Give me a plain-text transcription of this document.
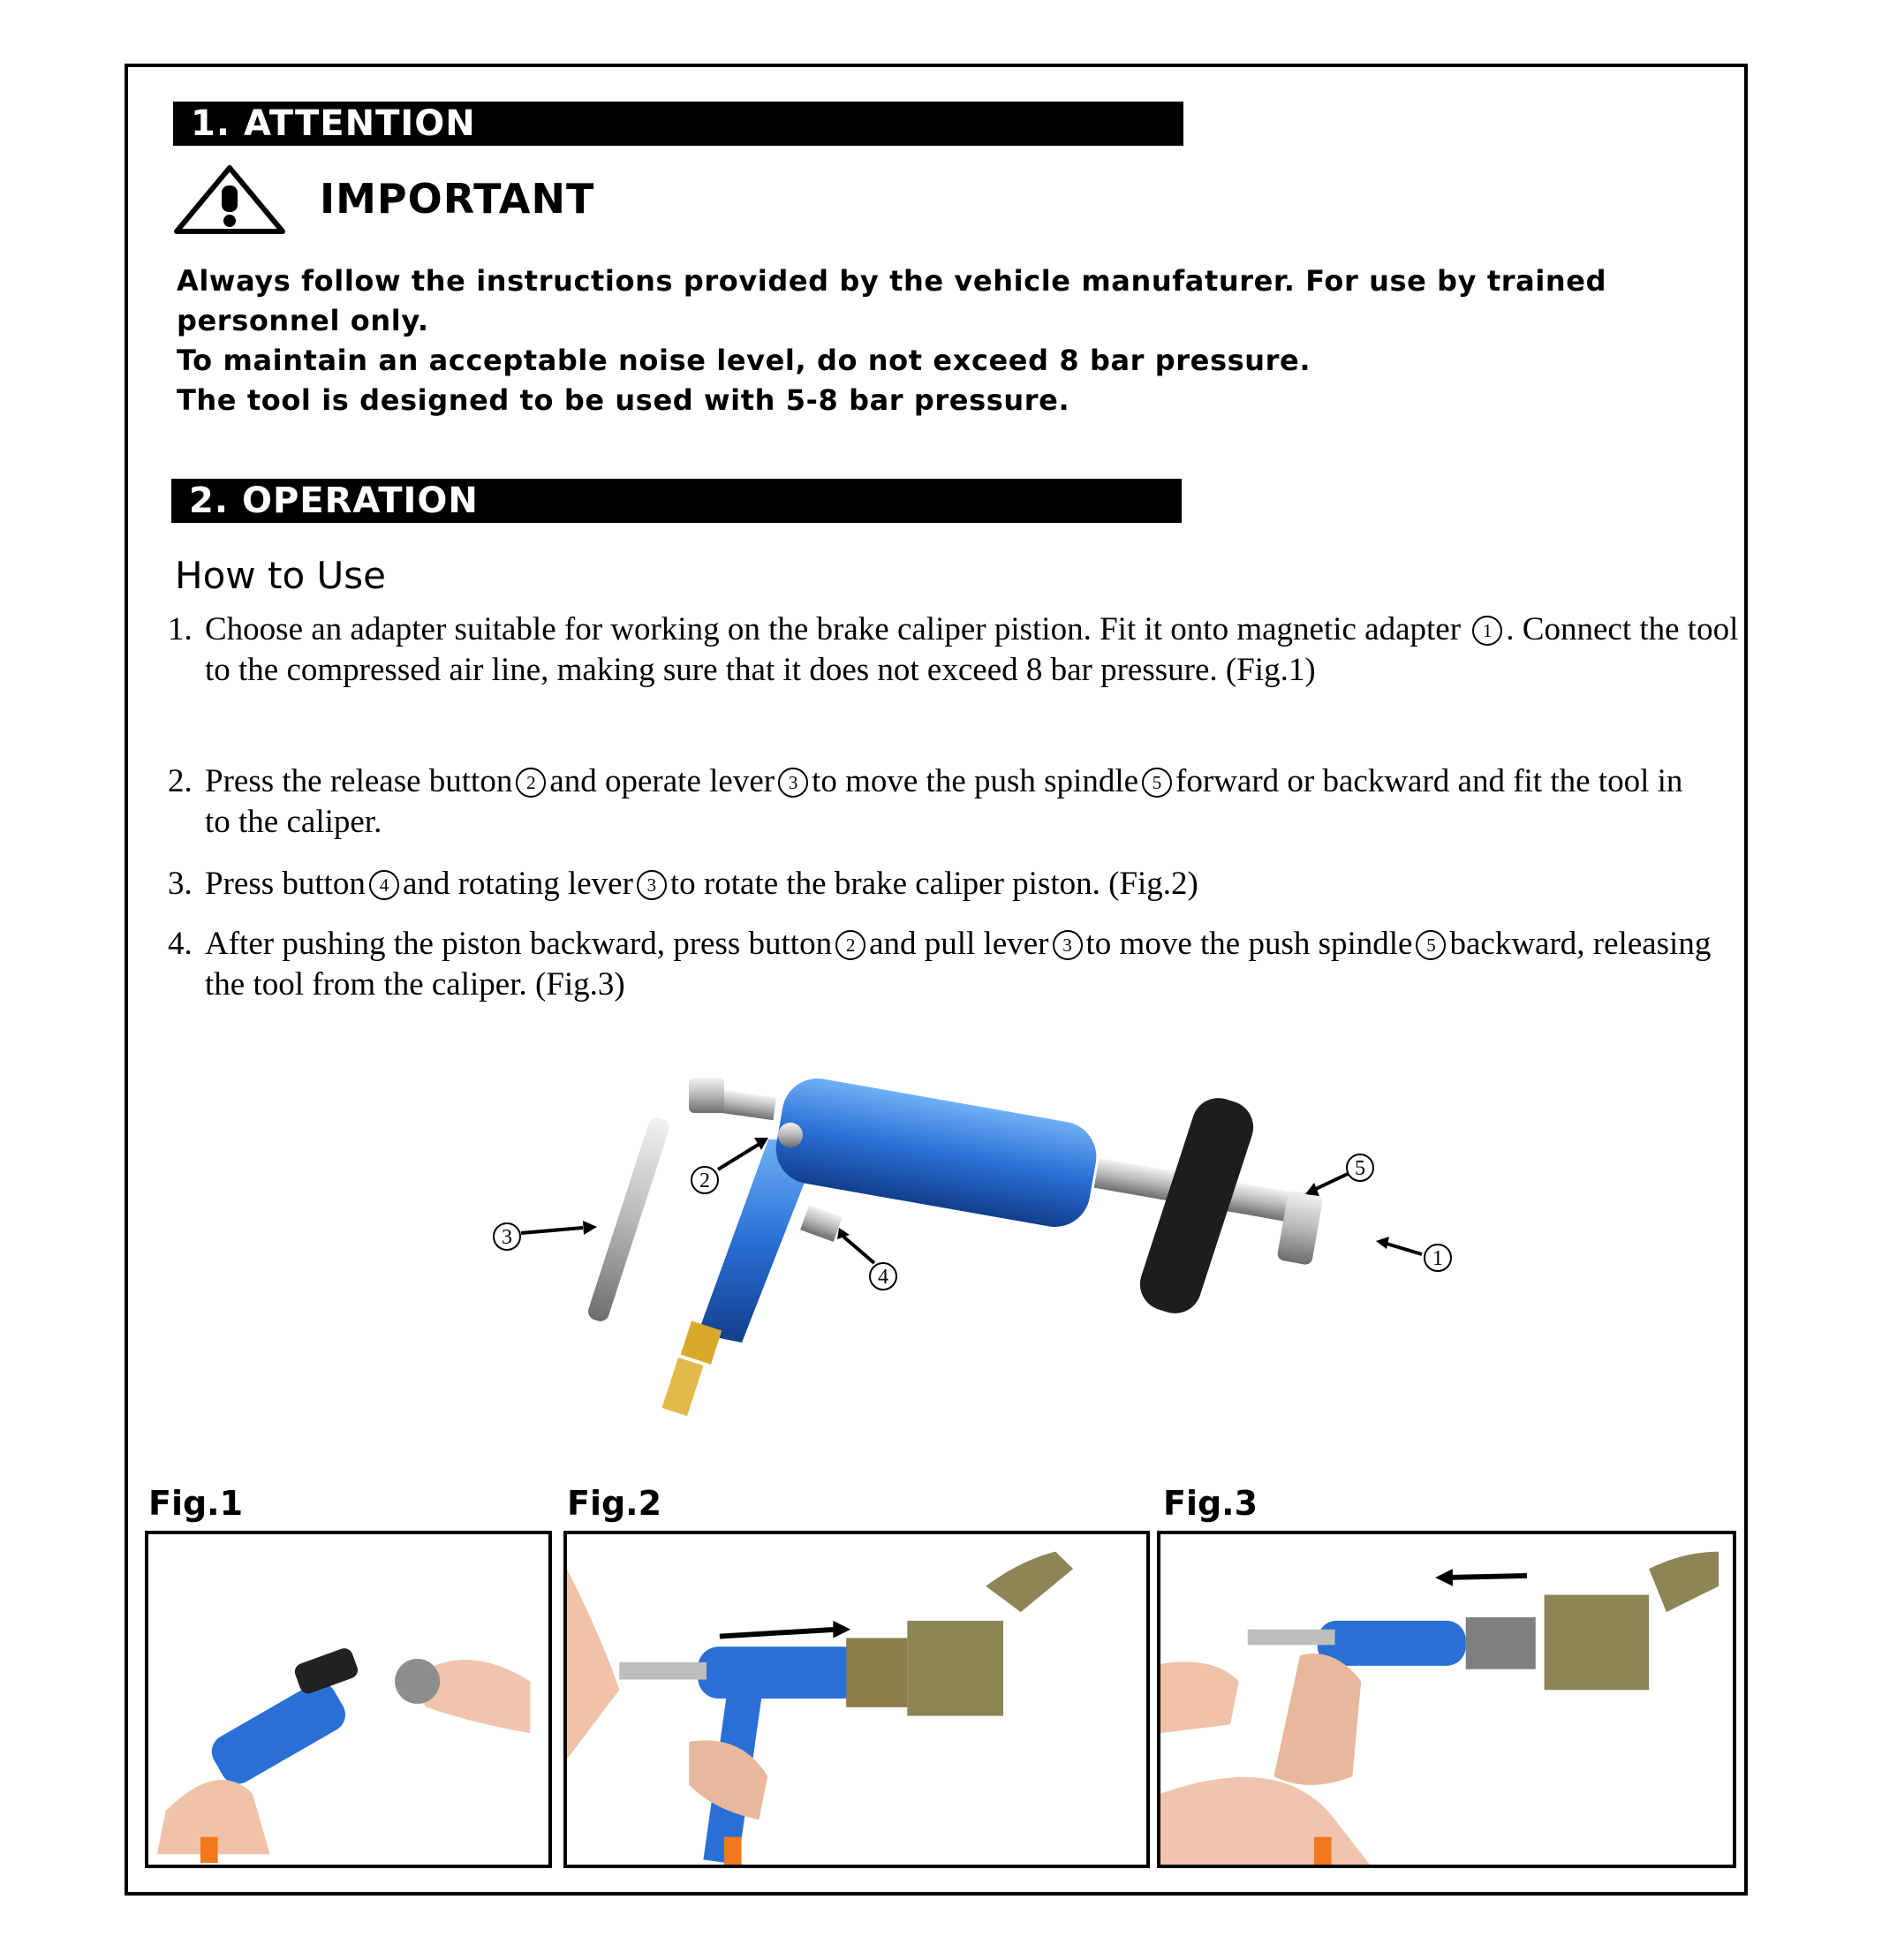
1. ATTENTION
IMPORTANT

Always follow the instructions provided by the vehicle manufaturer. For use by trained personnel only.

To maintain an acceptable noise level, do not exceed 8 bar pressure.

The tool is designed to be used with 5-8 bar pressure.

2. OPERATION
How to Use
1. Choose an adapter suitable for working on the brake caliper pistion. Fit it onto magnetic adapter 1 . Connect the tool to the compressed air line, making sure that it does not exceed 8 bar pressure. (Fig.1)
2. Press the release button 2 and operate lever 3 to move the push spindle 5 forward or backward and fit the tool in to the caliper.
3. Press button 4 and rotating lever 3 to rotate the brake caliper piston. (Fig.2)
4. After pushing the piston backward, press button 2 and pull lever 3 to move the push spindle 5 backward, releasing the tool from the caliper. (Fig.3)
3
2
4
5
1
Fig.1	Fig.2	Fig.3
